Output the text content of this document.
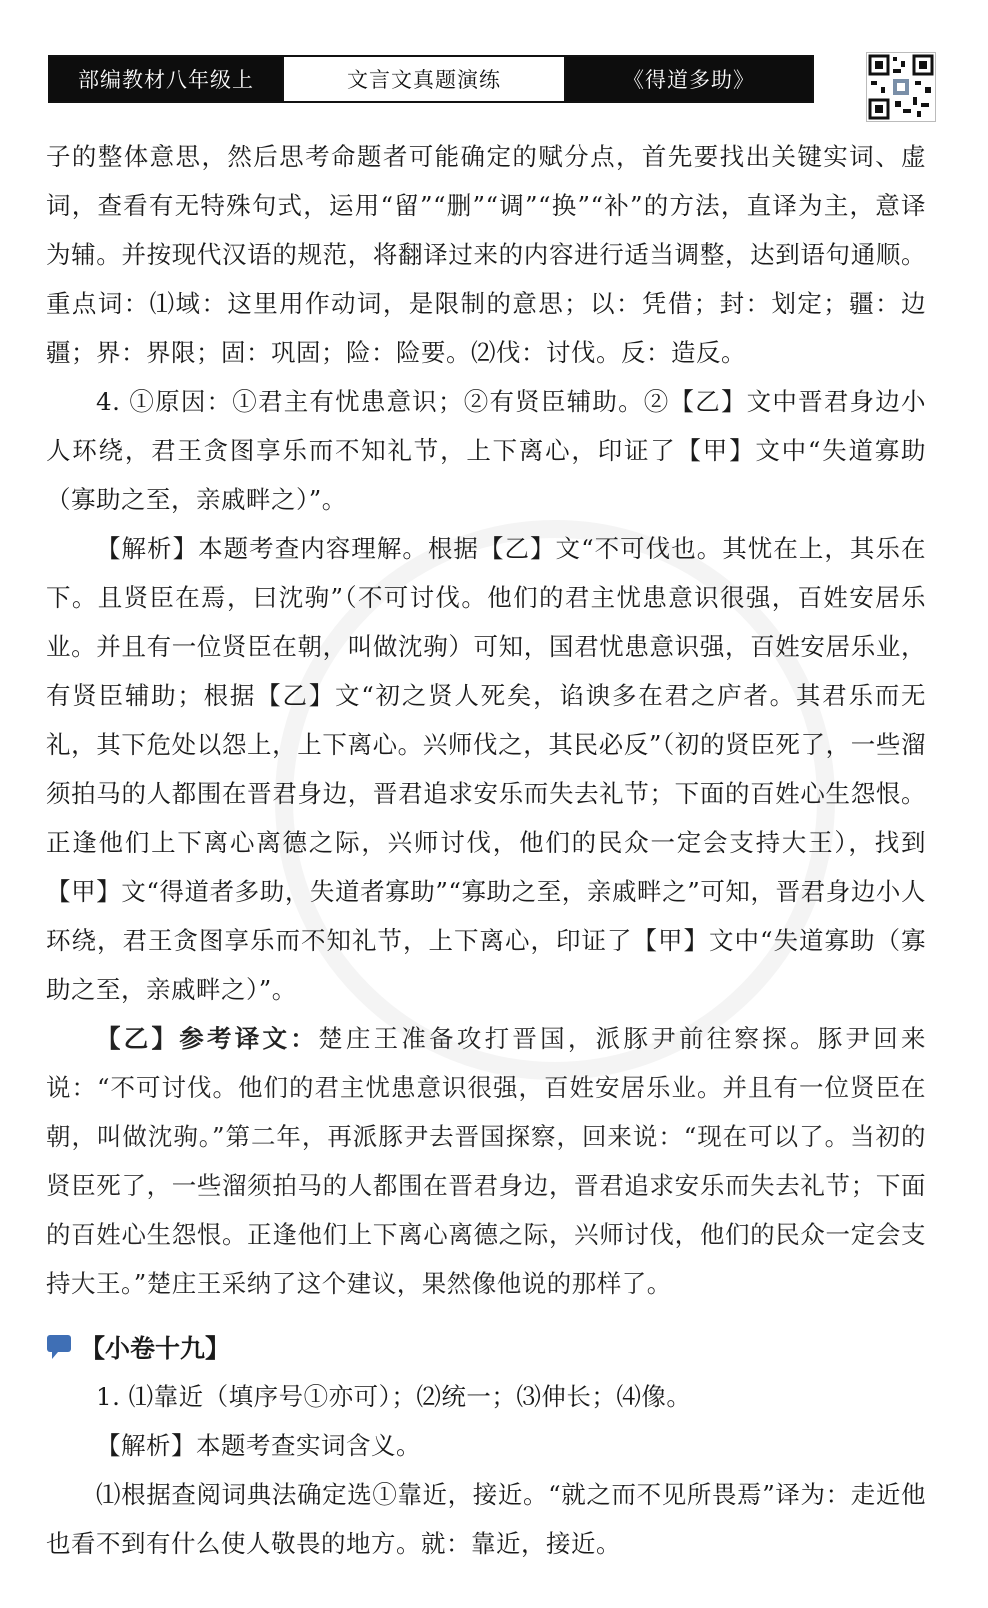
部编教材八年级上	文言文真题演练	《得道多助》

子的整体意思，然后思考命题者可能确定的赋分点，首先要找出关键实词、虚词，查看有无特殊句式，运用“留”“删”“调”“换”“补”的方法，直译为主，意译为辅。并按现代汉语的规范，将翻译过来的内容进行适当调整，达到语句通顺。重点词：⑴域：这里用作动词，是限制的意思；以：凭借；封：划定；疆：边疆；界：界限；固：巩固；险：险要。⑵伐：讨伐。反：造反。

4. ①原因：①君主有忧患意识；②有贤臣辅助。②【乙】文中晋君身边小人环绕，君王贪图享乐而不知礼节，上下离心，印证了【甲】文中“失道寡助（寡助之至，亲戚畔之）”。

【解析】本题考查内容理解。根据【乙】文“不可伐也。其忧在上，其乐在下。且贤臣在焉，曰沈驹”（不可讨伐。他们的君主忧患意识很强，百姓安居乐业。并且有一位贤臣在朝，叫做沈驹）可知，国君忧患意识强，百姓安居乐业，有贤臣辅助；根据【乙】文“初之贤人死矣，谄谀多在君之庐者。其君乐而无礼，其下危处以怨上，上下离心。兴师伐之，其民必反”（初的贤臣死了，一些溜须拍马的人都围在晋君身边，晋君追求安乐而失去礼节；下面的百姓心生怨恨。正逢他们上下离心离德之际，兴师讨伐，他们的民众一定会支持大王），找到【甲】文“得道者多助，失道者寡助”“寡助之至，亲戚畔之”可知，晋君身边小人环绕，君王贪图享乐而不知礼节，上下离心，印证了【甲】文中“失道寡助（寡助之至，亲戚畔之）”。

【乙】参考译文：楚庄王准备攻打晋国，派豚尹前往察探。豚尹回来说：“不可讨伐。他们的君主忧患意识很强，百姓安居乐业。并且有一位贤臣在朝，叫做沈驹。”第二年，再派豚尹去晋国探察，回来说：“现在可以了。当初的贤臣死了，一些溜须拍马的人都围在晋君身边，晋君追求安乐而失去礼节；下面的百姓心生怨恨。正逢他们上下离心离德之际，兴师讨伐，他们的民众一定会支持大王。”楚庄王采纳了这个建议，果然像他说的那样了。

【小卷十九】

1. ⑴靠近（填序号①亦可）；⑵统一；⑶伸长；⑷像。

【解析】本题考查实词含义。

⑴根据查阅词典法确定选①靠近，接近。“就之而不见所畏焉”译为：走近他也看不到有什么使人敬畏的地方。就：靠近，接近。
